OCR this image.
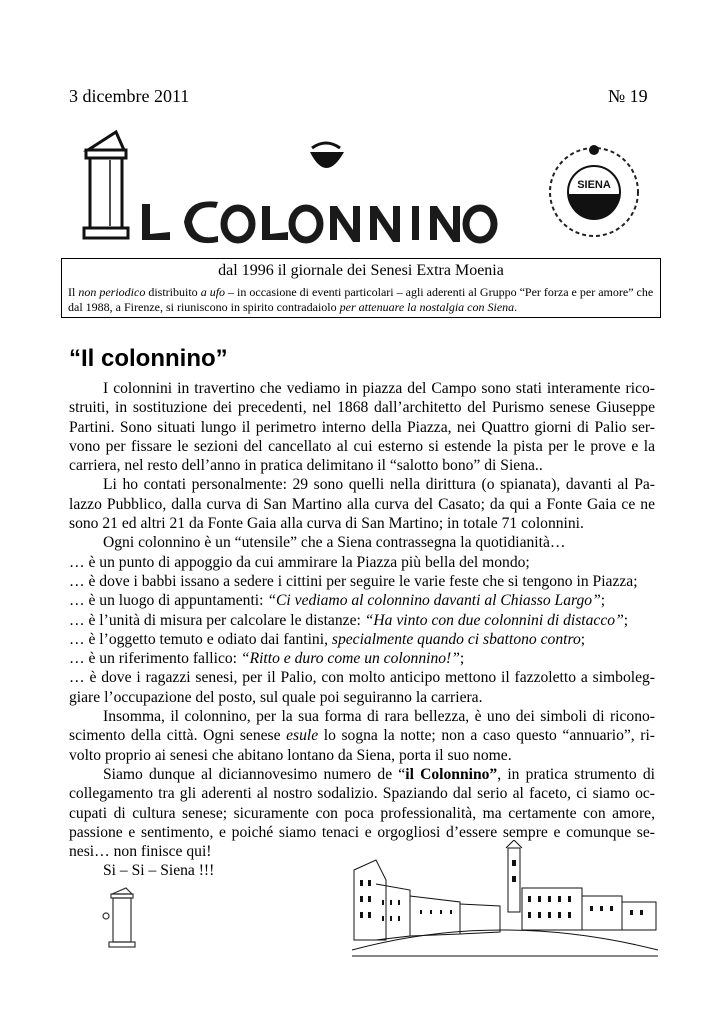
3 dicembre 2011	№ 19
SIENA
dal 1996 il giornale dei Senesi Extra Moenia
Il non periodico distribuito a ufo – in occasione di eventi particolari – agli aderenti al Gruppo “Per forza e per amore” che dal 1988, a Firenze, si riuniscono in spirito contradaiolo per attenuare la nostalgia con Siena.
“Il colonnino”

I colonnini in travertino che vediamo in piazza del Campo sono stati interamente rico-struiti, in sostituzione dei precedenti, nel 1868 dall’architetto del Purismo senese Giuseppe Partini. Sono situati lungo il perimetro interno della Piazza, nei Quattro giorni di Palio ser-vono per fissare le sezioni del cancellato al cui esterno si estende la pista per le prove e la carriera, nel resto dell’anno in pratica delimitano il “salotto bono” di Siena..

Li ho contati personalmente: 29 sono quelli nella dirittura (o spianata), davanti al Pa-lazzo Pubblico, dalla curva di San Martino alla curva del Casato; da qui a Fonte Gaia ce ne sono 21 ed altri 21 da Fonte Gaia alla curva di San Martino; in totale 71 colonnini.

Ogni colonnino è un “utensile” che a Siena contrassegna la quotidianità…

… è un punto di appoggio da cui ammirare la Piazza più bella del mondo;

… è dove i babbi issano a sedere i cittini per seguire le varie feste che si tengono in Piazza;

… è un luogo di appuntamenti: “Ci vediamo al colonnino davanti al Chiasso Largo”;

… è l’unità di misura per calcolare le distanze: “Ha vinto con due colonnini di distacco”;

… è l’oggetto temuto e odiato dai fantini, specialmente quando ci sbattono contro;

… è un riferimento fallico: “Ritto e duro come un colonnino!”;

… è dove i ragazzi senesi, per il Palio, con molto anticipo mettono il fazzoletto a simboleg-giare l’occupazione del posto, sul quale poi seguiranno la carriera.

Insomma, il colonnino, per la sua forma di rara bellezza, è uno dei simboli di ricono-scimento della città. Ogni senese esule lo sogna la notte; non a caso questo “annuario”, ri-volto proprio ai senesi che abitano lontano da Siena, porta il suo nome.

Siamo dunque al diciannovesimo numero de “il Colonnino”, in pratica strumento di collegamento tra gli aderenti al nostro sodalizio. Spaziando dal serio al faceto, ci siamo oc-cupati di cultura senese; sicuramente con poca professionalità, ma certamente con amore, passione e sentimento, e poiché siamo tenaci e orgogliosi d’essere sempre e comunque se-nesi… non finisce qui!

Si – Si – Siena !!!
